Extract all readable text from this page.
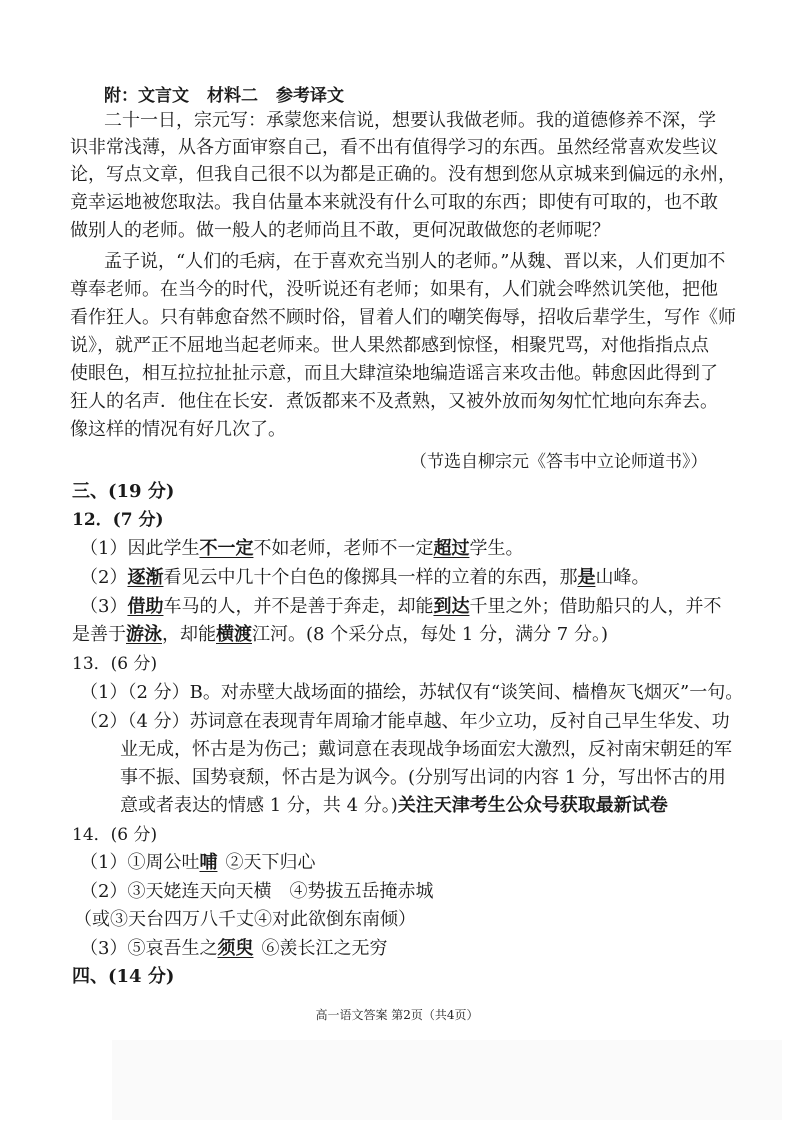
附：文言文 材料二 参考译文
二十一日，宗元写：承蒙您来信说，想要认我做老师。我的道德修养不深，学
识非常浅薄，从各方面审察自己，看不出有值得学习的东西。虽然经常喜欢发些议
论，写点文章，但我自己很不以为都是正确的。没有想到您从京城来到偏远的永州，
竟幸运地被您取法。我自估量本来就没有什么可取的东西；即使有可取的，也不敢
做别人的老师。做一般人的老师尚且不敢，更何况敢做您的老师呢？
孟子说，“人们的毛病，在于喜欢充当别人的老师。”从魏、晋以来，人们更加不
尊奉老师。在当今的时代，没听说还有老师；如果有，人们就会哗然讥笑他，把他
看作狂人。只有韩愈奋然不顾时俗，冒着人们的嘲笑侮辱，招收后辈学生，写作《师
说》，就严正不屈地当起老师来。世人果然都感到惊怪，相聚咒骂，对他指指点点
使眼色，相互拉拉扯扯示意，而且大肆渲染地编造谣言来攻击他。韩愈因此得到了
狂人的名声．他住在长安．煮饭都来不及煮熟，又被外放而匆匆忙忙地向东奔去。
像这样的情况有好几次了。
（节选自柳宗元《答韦中立论师道书》）
三、(19 分)
12．(7 分)
（1）因此学生不一定不如老师，老师不一定超过学生。
（2）逐渐看见云中几十个白色的像掷具一样的立着的东西，那是山峰。
（3）借助车马的人，并不是善于奔走，却能到达千里之外；借助船只的人，并不
是善于游泳，却能横渡江河。(8 个采分点，每处 1 分，满分 7 分。)
13．(6 分)
（1）（2 分）B。对赤壁大战场面的描绘，苏轼仅有“谈笑间、樯橹灰飞烟灭”一句。
（2）（4 分）苏词意在表现青年周瑜才能卓越、年少立功，反衬自己早生华发、功
业无成，怀古是为伤己；戴词意在表现战争场面宏大激烈，反衬南宋朝廷的军
事不振、国势衰颓，怀古是为讽今。(分别写出词的内容 1 分，写出怀古的用
意或者表达的情感 1 分，共 4 分。)关注天津考生公众号获取最新试卷
14．(6 分)
（1）①周公吐哺 ②天下归心
（2）③天姥连天向天横　④势拔五岳掩赤城
（或③天台四万八千丈④对此欲倒东南倾）
（3）⑤哀吾生之须臾 ⑥羡长江之无穷
四、(14 分)
高一语文答案 第2页（共4页）
